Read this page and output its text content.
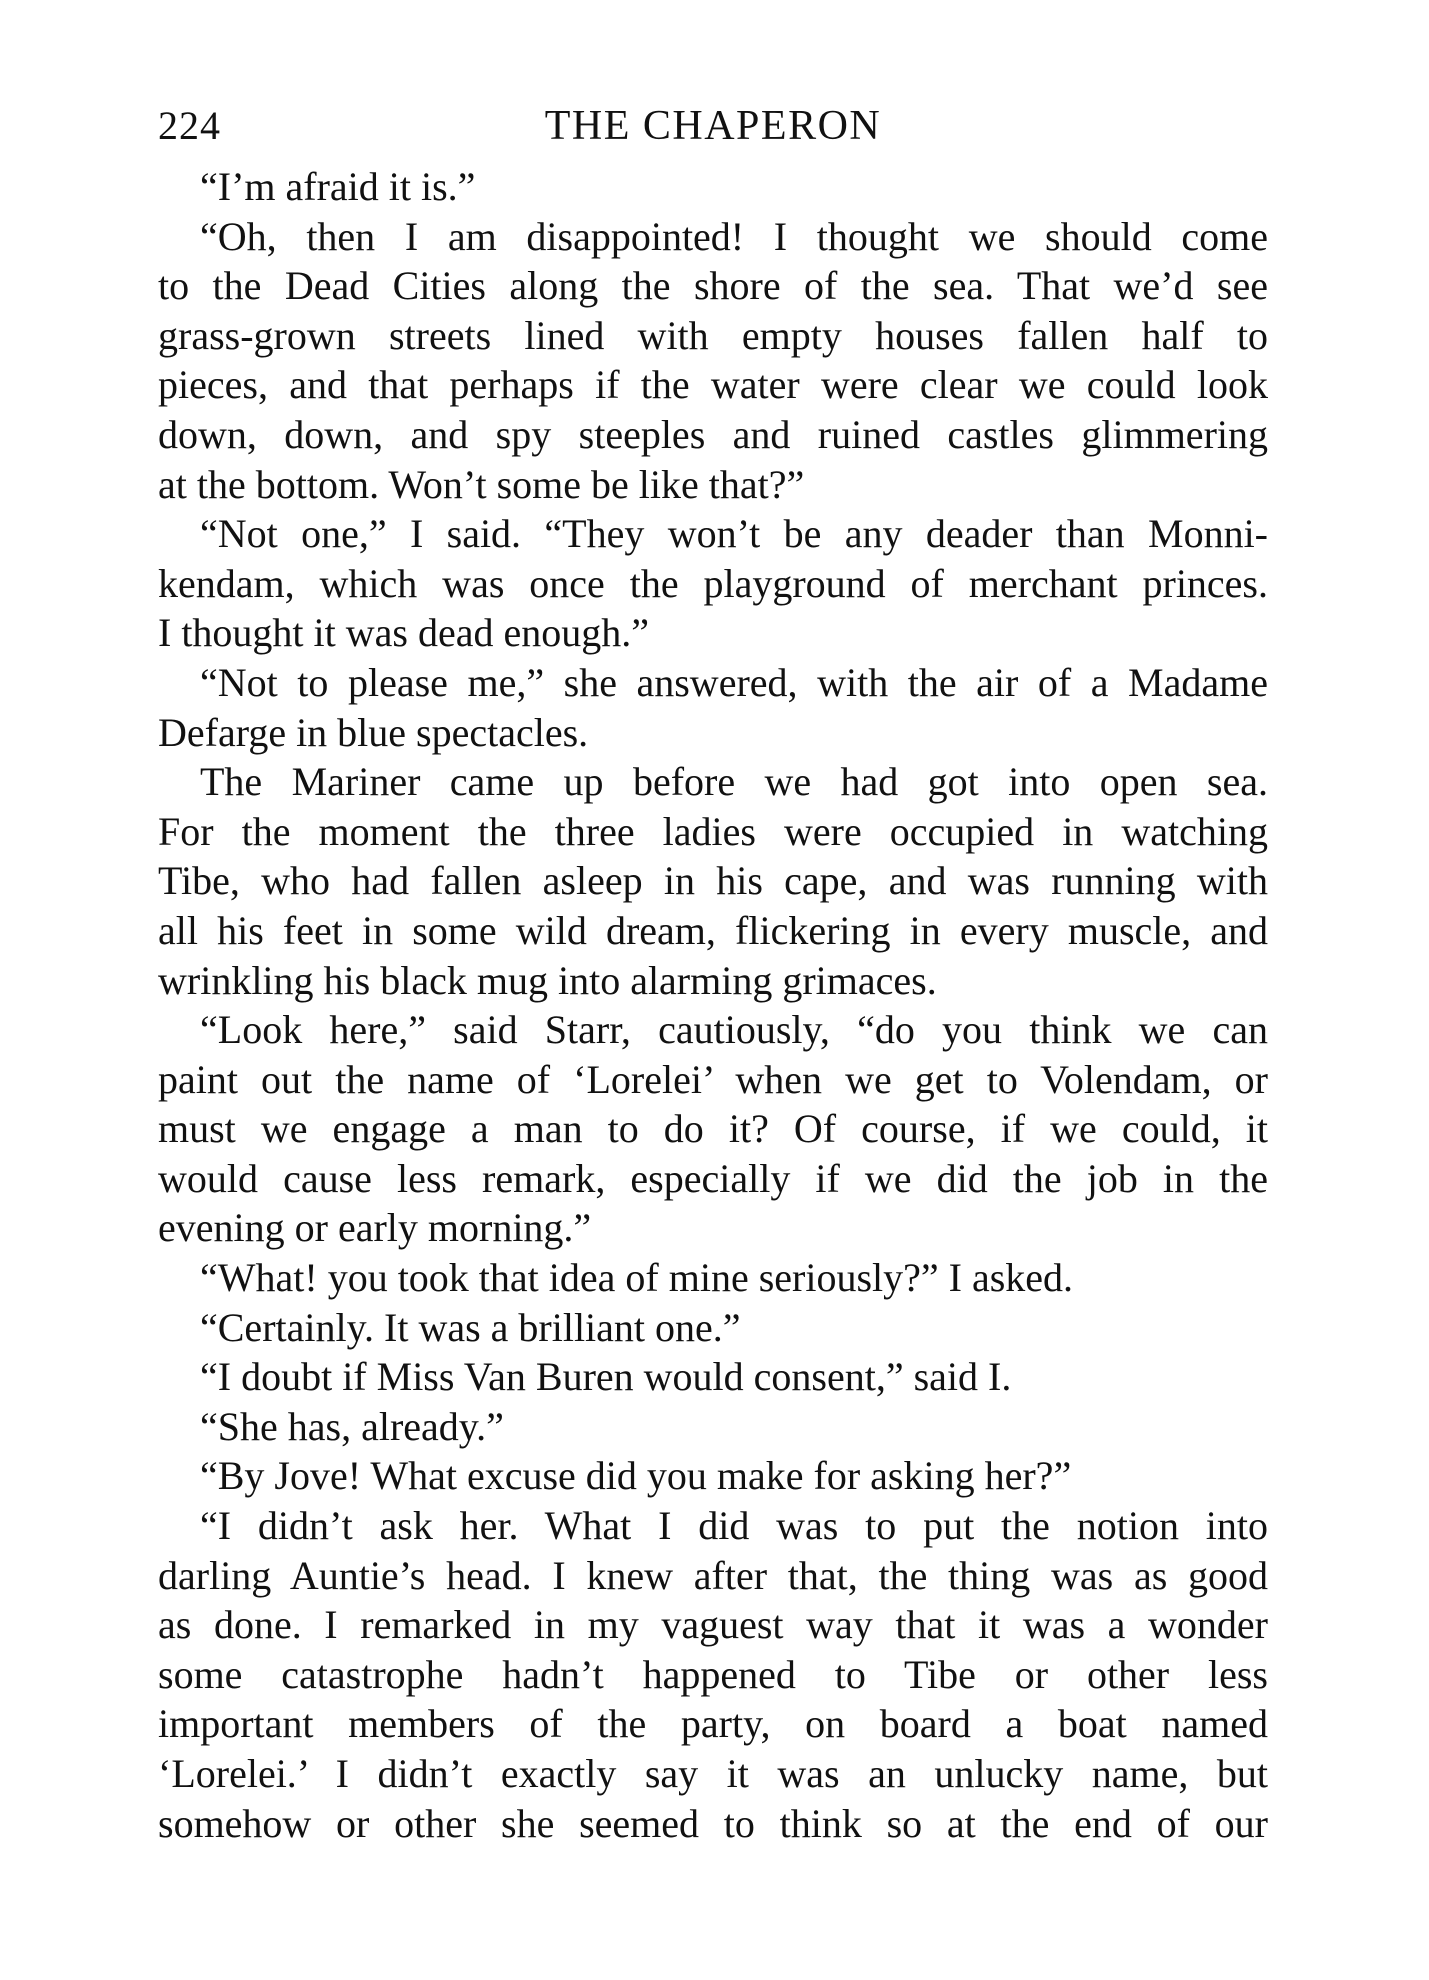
224	THE CHAPERON
“I’m afraid it is.”
“Oh, then I am disappointed! I thought we should come
to the Dead Cities along the shore of the sea. That we’d see
grass-grown streets lined with empty houses fallen half to
pieces, and that perhaps if the water were clear we could look
down, down, and spy steeples and ruined castles glimmering
at the bottom. Won’t some be like that?”
“Not one,” I said. “They won’t be any deader than Monni-
kendam, which was once the playground of merchant princes.
I thought it was dead enough.”
“Not to please me,” she answered, with the air of a Madame
Defarge in blue spectacles.
The Mariner came up before we had got into open sea.
For the moment the three ladies were occupied in watching
Tibe, who had fallen asleep in his cape, and was running with
all his feet in some wild dream, flickering in every muscle, and
wrinkling his black mug into alarming grimaces.
“Look here,” said Starr, cautiously, “do you think we can
paint out the name of ‘Lorelei’ when we get to Volendam, or
must we engage a man to do it? Of course, if we could, it
would cause less remark, especially if we did the job in the
evening or early morning.”
“What! you took that idea of mine seriously?” I asked.
“Certainly. It was a brilliant one.”
“I doubt if Miss Van Buren would consent,” said I.
“She has, already.”
“By Jove! What excuse did you make for asking her?”
“I didn’t ask her. What I did was to put the notion into
darling Auntie’s head. I knew after that, the thing was as good
as done. I remarked in my vaguest way that it was a wonder
some catastrophe hadn’t happened to Tibe or other less
important members of the party, on board a boat named
‘Lorelei.’ I didn’t exactly say it was an unlucky name, but
somehow or other she seemed to think so at the end of our
